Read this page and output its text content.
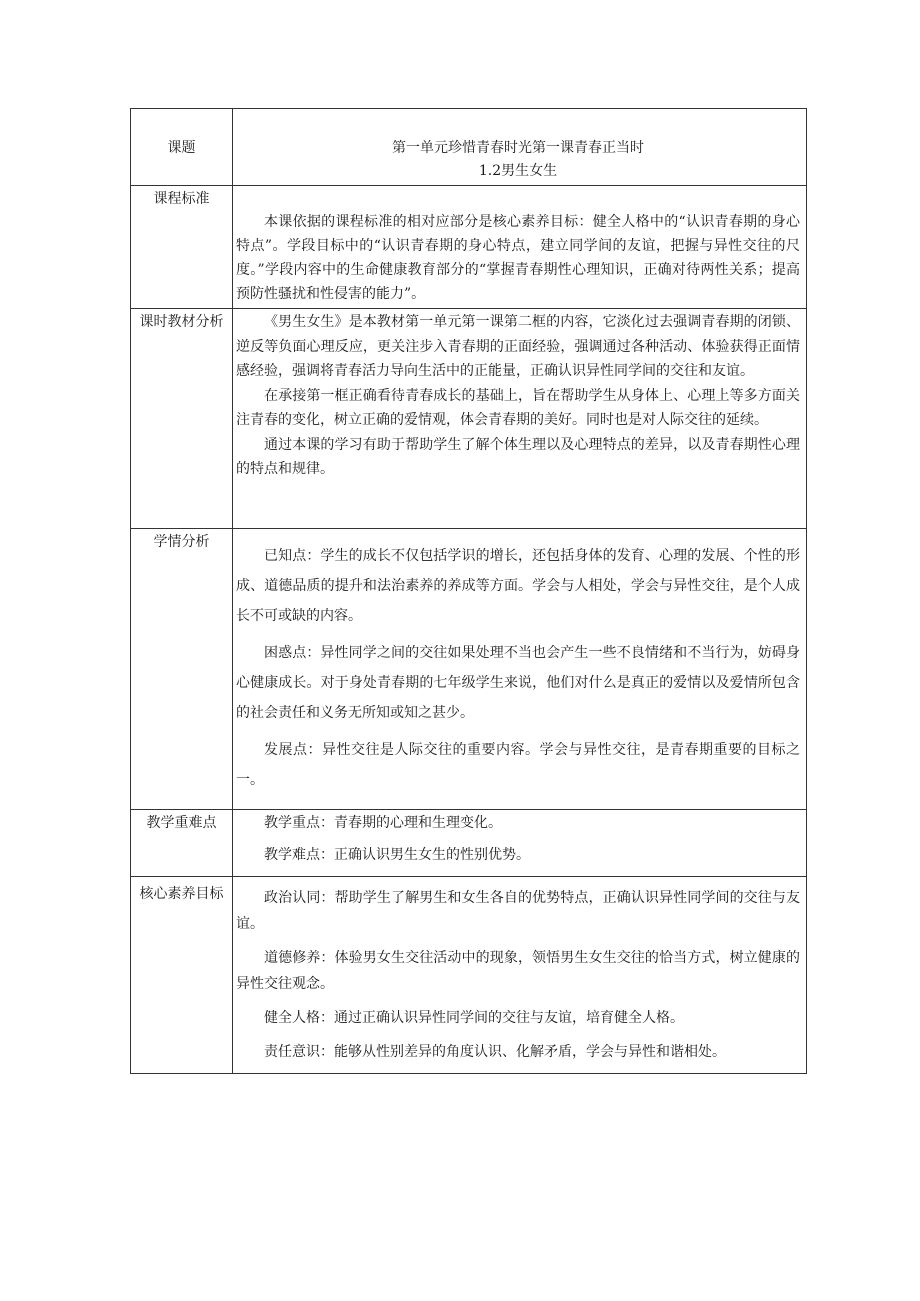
课题	第一单元珍惜青春时光第一课青春正当时
1.2男生女生

课程标准	本课依据的课程标准的相对应部分是核心素养目标：健全人格中的“认识青春期的身心特点”。学段目标中的“认识青春期的身心特点，建立同学间的友谊，把握与异性交往的尺度。”学段内容中的生命健康教育部分的“掌握青春期性心理知识，正确对待两性关系；提高预防性骚扰和性侵害的能力”。

课时教材分析	《男生女生》是本教材第一单元第一课第二框的内容，它淡化过去强调青春期的闭锁、逆反等负面心理反应，更关注步入青春期的正面经验，强调通过各种活动、体验获得正面情感经验，强调将青春活力导向生活中的正能量，正确认识异性同学间的交往和友谊。

在承接第一框正确看待青春成长的基础上，旨在帮助学生从身体上、心理上等多方面关注青春的变化，树立正确的爱情观，体会青春期的美好。同时也是对人际交往的延续。

通过本课的学习有助于帮助学生了解个体生理以及心理特点的差异，以及青春期性心理的特点和规律。

学情分析	已知点：学生的成长不仅包括学识的增长，还包括身体的发育、心理的发展、个性的形成、道德品质的提升和法治素养的养成等方面。学会与人相处，学会与异性交往，是个人成长不可或缺的内容。

困惑点：异性同学之间的交往如果处理不当也会产生一些不良情绪和不当行为，妨碍身心健康成长。对于身处青春期的七年级学生来说，他们对什么是真正的爱情以及爱情所包含的社会责任和义务无所知或知之甚少。

发展点：异性交往是人际交往的重要内容。学会与异性交往，是青春期重要的目标之一。

教学重难点	教学重点：青春期的心理和生理变化。

教学难点：正确认识男生女生的性别优势。

核心素养目标	政治认同：帮助学生了解男生和女生各自的优势特点，正确认识异性同学间的交往与友谊。

道德修养：体验男女生交往活动中的现象，领悟男生女生交往的恰当方式，树立健康的异性交往观念。

健全人格：通过正确认识异性同学间的交往与友谊，培育健全人格。

责任意识：能够从性别差异的角度认识、化解矛盾，学会与异性和谐相处。
